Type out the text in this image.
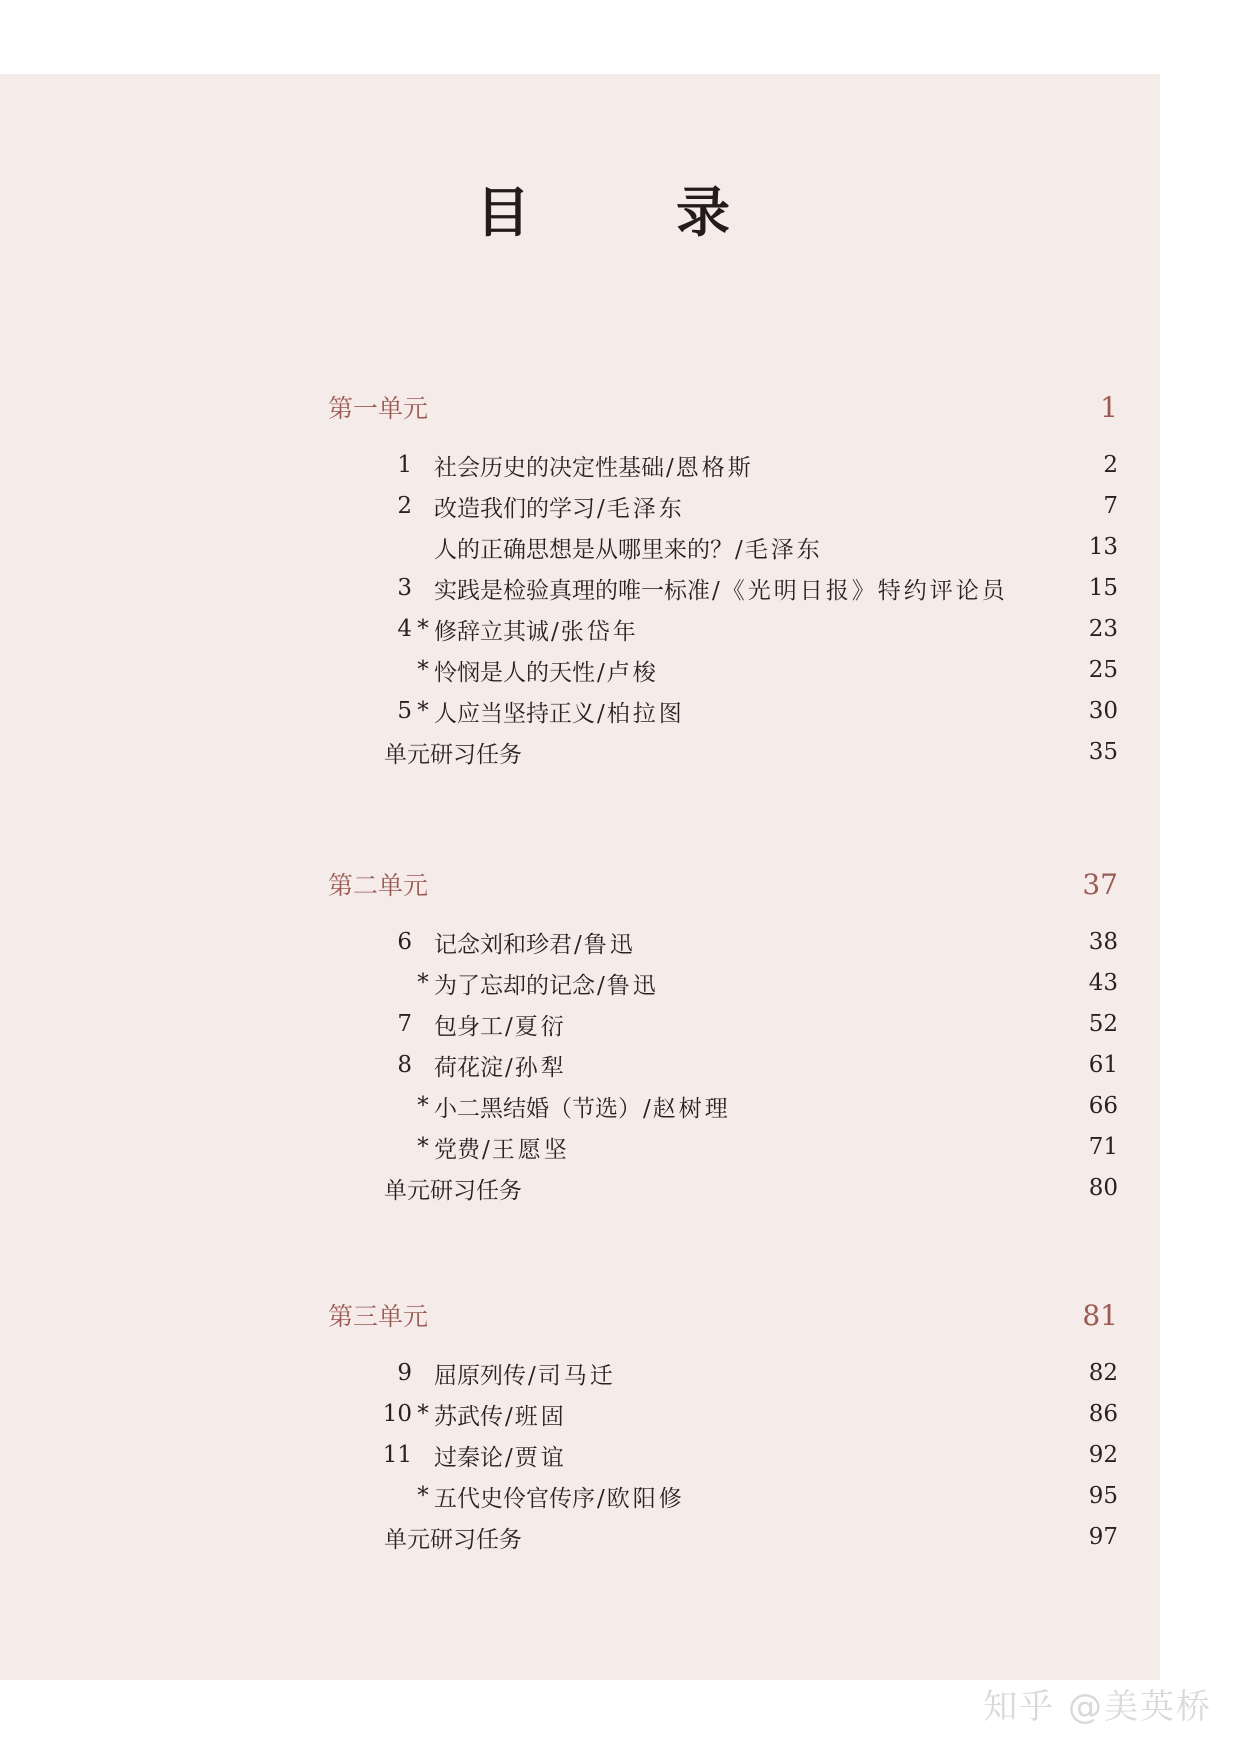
目　录
第一单元	1
1 社会历史的决定性基础/恩格斯	2
2 改造我们的学习/毛泽东	7
人的正确思想是从哪里来的？/毛泽东	13
3 实践是检验真理的唯一标准/《光明日报》特约评论员	15
4 * 修辞立其诚/张岱年	23
* 怜悯是人的天性/卢梭	25
5 * 人应当坚持正义/柏拉图	30
单元研习任务	35
第二单元	37
6 记念刘和珍君/鲁迅	38
* 为了忘却的记念/鲁迅	43
7 包身工/夏衍	52
8 荷花淀/孙犁	61
* 小二黑结婚（节选）/赵树理	66
* 党费/王愿坚	71
单元研习任务	80
第三单元	81
9 屈原列传/司马迁	82
10 * 苏武传/班固	86
11 过秦论/贾谊	92
* 五代史伶官传序/欧阳修	95
单元研习任务	97
知乎 @美英桥
